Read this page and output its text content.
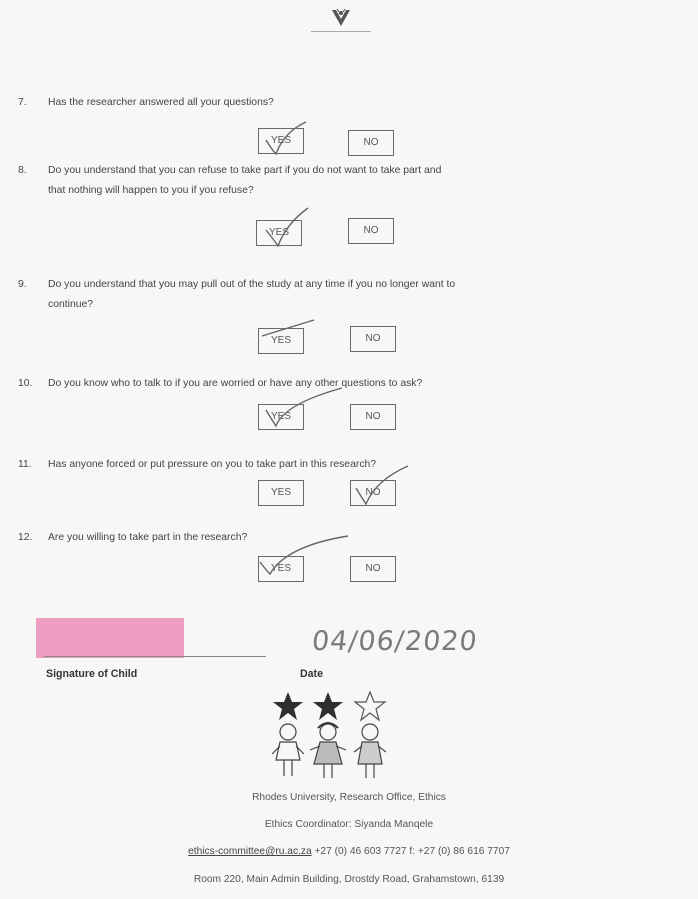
7. Has the researcher answered all your questions?
YES	NO
8. Do you understand that you can refuse to take part if you do not want to take part and
that nothing will happen to you if you refuse?
YES	NO
9. Do you understand that you may pull out of the study at any time if you no longer want to
continue?
YES	NO
10. Do you know who to talk to if you are worried or have any other questions to ask?
YES	NO
11. Has anyone forced or put pressure on you to take part in this research?
YES	NO
12. Are you willing to take part in the research?
YES	NO
04/06/2020
Signature of Child	Date
Rhodes University, Research Office, Ethics
Ethics Coordinator: Siyanda Manqele
ethics-committee@ru.ac.za +27 (0) 46 603 7727 f: +27 (0) 86 616 7707
Room 220, Main Admin Building, Drostdy Road, Grahamstown, 6139
